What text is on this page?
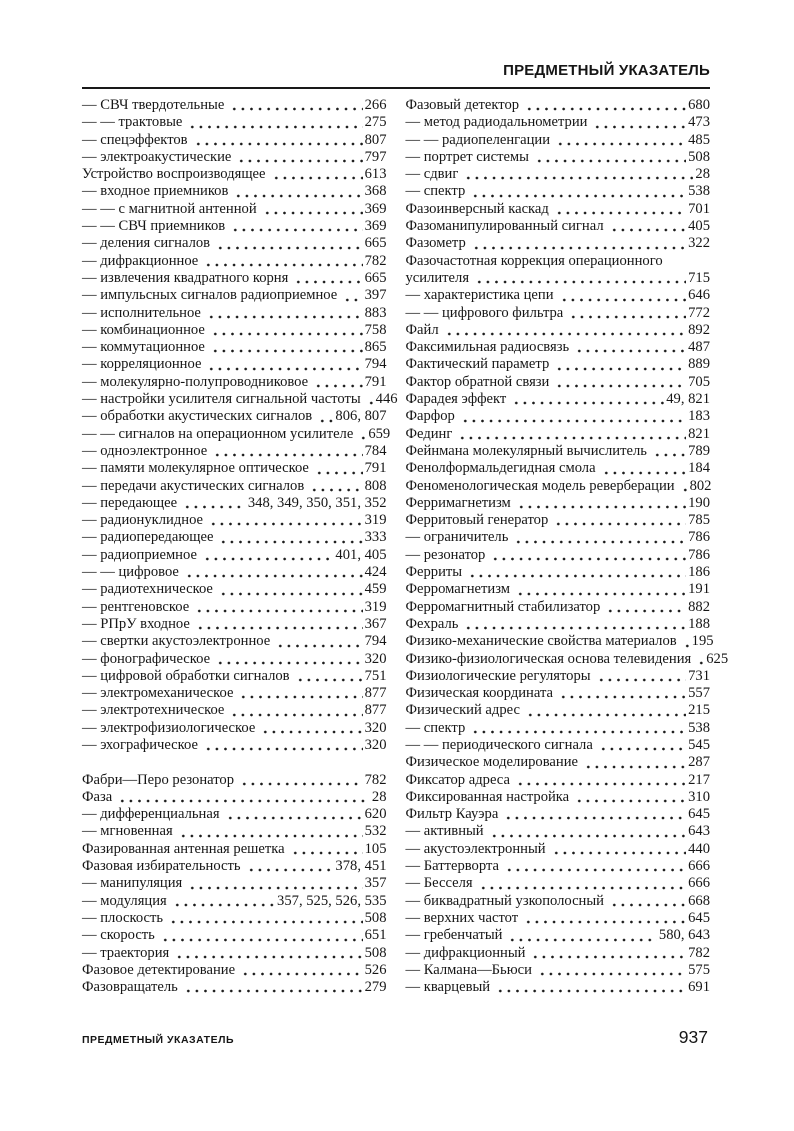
ПРЕДМЕТНЫЙ УКАЗАТЕЛЬ
— СВЧ твердотельные	266
— — трактовые	275
— спецэффектов	807
— электроакустические	797
Устройство воспроизводящее	613
— входное приемников	368
— — с магнитной антенной	369
— — СВЧ приемников	369
— деления сигналов	665
— дифракционное	782
— извлечения квадратного корня	665
— импульсных сигналов радиоприемное 397
— исполнительное	883
— комбинационное	758
— коммутационное	865
— корреляционное	794
— молекулярно-полупроводниковое	791
— настройки усилителя сигнальной частоты 446
— обработки акустических сигналов 806, 807
— — сигналов на операционном усилителе 659
— одноэлектронное	784
— памяти молекулярное оптическое	791
— передачи акустических сигналов	808
— передающее	348, 349, 350, 351, 352
— радионуклидное	319
— радиопередающее	333
— радиоприемное	401, 405
— — цифровое	424
— радиотехническое	459
— рентгеновское	319
— РПрУ входное	367
— свертки акустоэлектронное	794
— фонографическое	320
— цифровой обработки сигналов	751
— электромеханическое	877
— электротехническое	877
— электрофизиологическое	320
— эхографическое	320
Фабри—Перо резонатор	782
Фаза	28
— дифференциальная	620
— мгновенная	532
Фазированная антенная решетка	105
Фазовая избирательность	378, 451
— манипуляция	357
— модуляция	357, 525, 526, 535
— плоскость	508
— скорость	651
— траектория	508
Фазовое детектирование	526
Фазовращатель	279
Фазовый детектор	680
— метод радиодальнометрии	473
— — радиопеленгации	485
— портрет системы	508
— сдвиг	28
— спектр	538
Фазоинверсный каскад	701
Фазоманипулированный сигнал	405
Фазометр	322
Фазочастотная коррекция операционного
усилителя	715
— характеристика цепи	646
— — цифрового фильтра	772
Файл	892
Факсимильная радиосвязь	487
Фактический параметр	889
Фактор обратной связи	705
Фарадея эффект	49, 821
Фарфор	183
Фединг	821
Фейнмана молекулярный вычислитель	789
Фенолформальдегидная смола	184
Феноменологическая модель реверберации 802
Ферримагнетизм	190
Ферритовый генератор	785
— ограничитель	786
— резонатор	786
Ферриты	186
Ферромагнетизм	191
Ферромагнитный стабилизатор	882
Фехраль	188
Физико-механические свойства материалов 195
Физико-физиологическая основа телевидения 625
Физиологические регуляторы	731
Физическая координата	557
Физический адрес	215
— спектр	538
— — периодического сигнала	545
Физическое моделирование	287
Фиксатор адреса	217
Фиксированная настройка	310
Фильтр Кауэра	645
— активный	643
— акустоэлектронный	440
— Баттерворта	666
— Бесселя	666
— биквадратный узкополосный	668
— верхних частот	645
— гребенчатый	580, 643
— дифракционный	782
— Калмана—Бьюси	575
— кварцевый	691
ПРЕДМЕТНЫЙ УКАЗАТЕЛЬ	937
